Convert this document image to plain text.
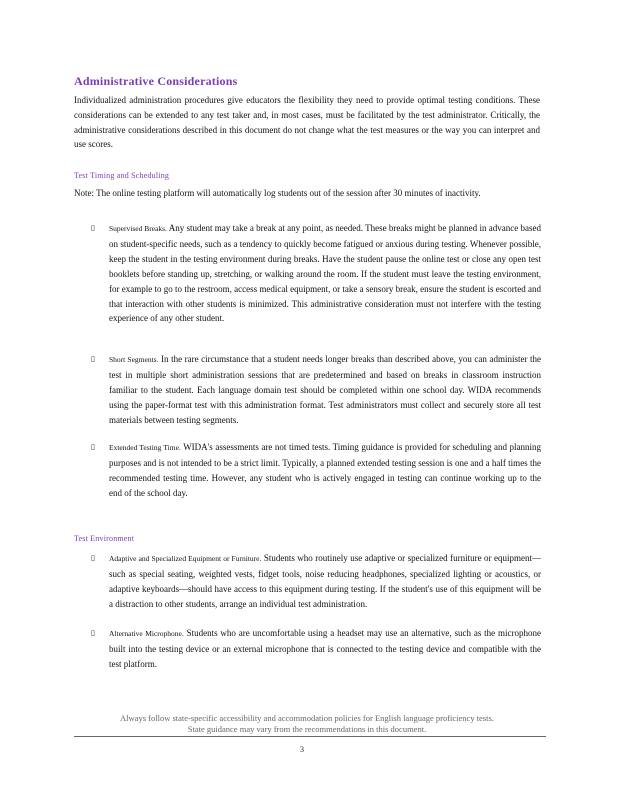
Administrative Considerations
Individualized administration procedures give educators the flexibility they need to provide optimal testing conditions. These considerations can be extended to any test taker and, in most cases, must be facilitated by the test administrator. Critically, the administrative considerations described in this document do not change what the test measures or the way you can interpret and use scores.
Test Timing and Scheduling
Note: The online testing platform will automatically log students out of the session after 30 minutes of inactivity.
▯	Supervised Breaks. Any student may take a break at any point, as needed. These breaks might be planned in advance based on student-specific needs, such as a tendency to quickly become fatigued or anxious during testing. Whenever possible, keep the student in the testing environment during breaks. Have the student pause the online test or close any open test booklets before standing up, stretching, or walking around the room. If the student must leave the testing environment, for example to go to the restroom, access medical equipment, or take a sensory break, ensure the student is escorted and that interaction with other students is minimized. This administrative consideration must not interfere with the testing experience of any other student.
▯	Short Segments. In the rare circumstance that a student needs longer breaks than described above, you can administer the test in multiple short administration sessions that are predetermined and based on breaks in classroom instruction familiar to the student. Each language domain test should be completed within one school day. WIDA recommends using the paper-format test with this administration format. Test administrators must collect and securely store all test materials between testing segments.
▯	Extended Testing Time. WIDA's assessments are not timed tests. Timing guidance is provided for scheduling and planning purposes and is not intended to be a strict limit. Typically, a planned extended testing session is one and a half times the recommended testing time. However, any student who is actively engaged in testing can continue working up to the end of the school day.
Test Environment
▯	Adaptive and Specialized Equipment or Furniture. Students who routinely use adaptive or specialized furniture or equipment—such as special seating, weighted vests, fidget tools, noise reducing headphones, specialized lighting or acoustics, or adaptive keyboards—should have access to this equipment during testing. If the student's use of this equipment will be a distraction to other students, arrange an individual test administration.
▯	Alternative Microphone. Students who are uncomfortable using a headset may use an alternative, such as the microphone built into the testing device or an external microphone that is connected to the testing device and compatible with the test platform.
Always follow state-specific accessibility and accommodation policies for English language proficiency tests.
State guidance may vary from the recommendations in this document.
3
